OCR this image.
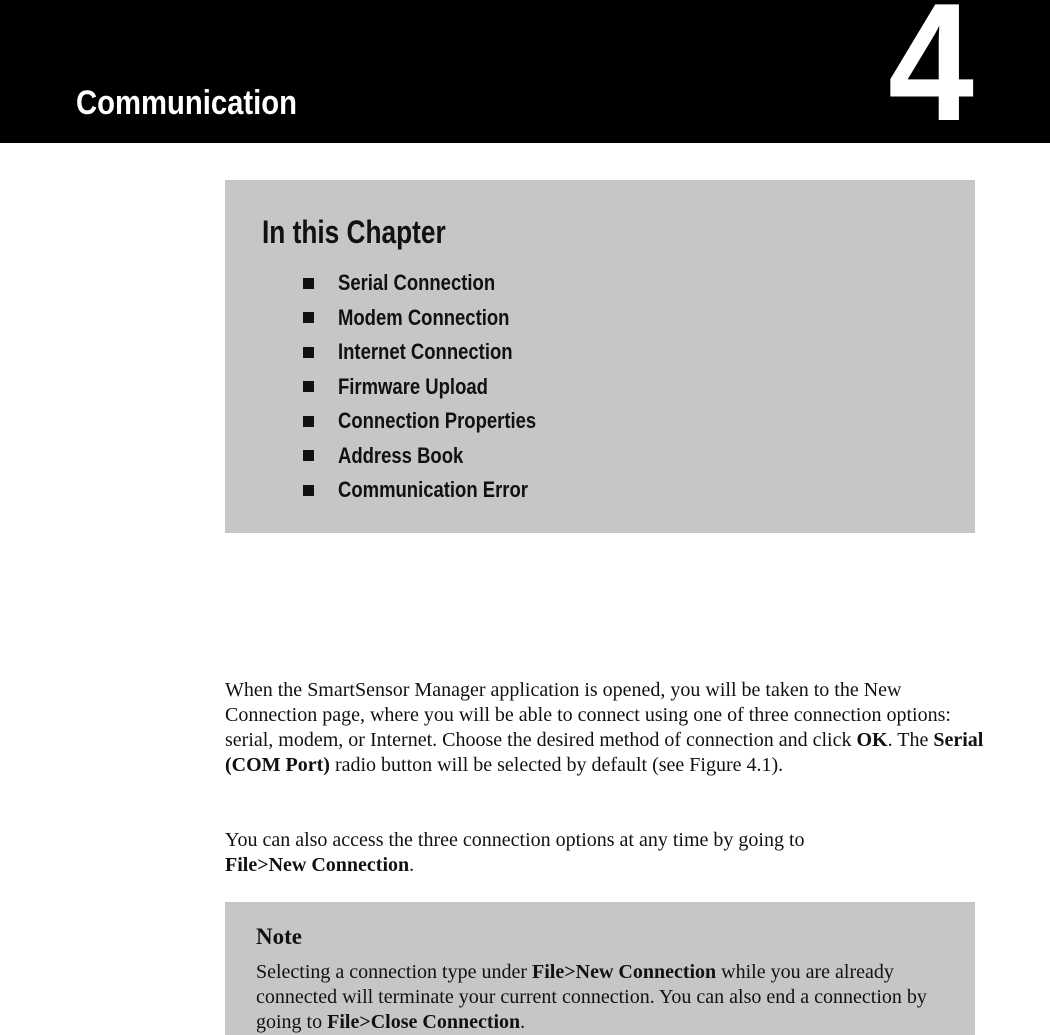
Communication	4
In this Chapter
Serial Connection
Modem Connection
Internet Connection
Firmware Upload
Connection Properties
Address Book
Communication Error
When the SmartSensor Manager application is opened, you will be taken to the New Connection page, where you will be able to connect using one of three connection options: serial, modem, or Internet. Choose the desired method of connection and click OK. The Serial (COM Port) radio button will be selected by default (see Figure 4.1).
You can also access the three connection options at any time by going to
File>New Connection.
Note
Selecting a connection type under File>New Connection while you are already connected will terminate your current connection. You can also end a connection by going to File>Close Connection.
